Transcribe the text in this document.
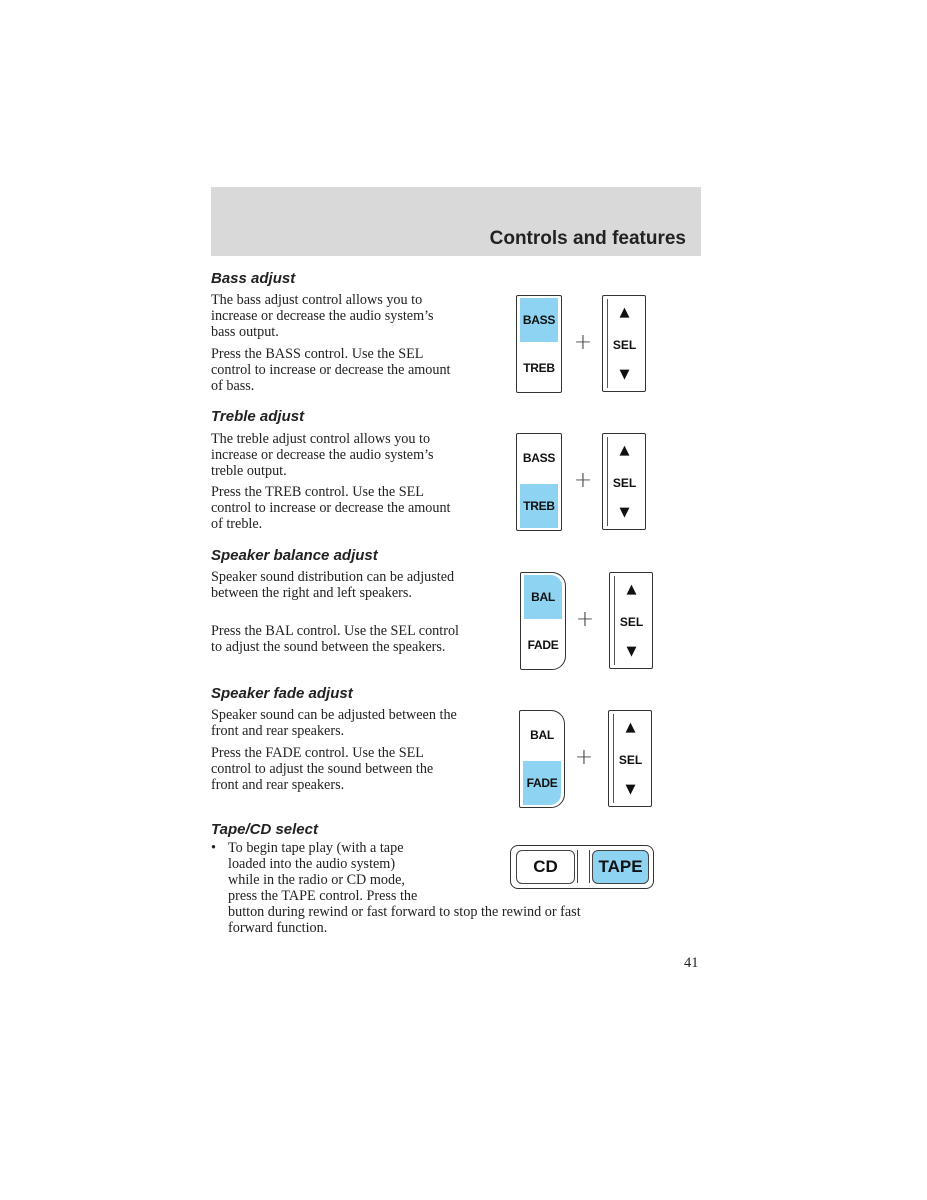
Controls and features
Bass adjust

The bass adjust control allows you to increase or decrease the audio system’s bass output.

Press the BASS control. Use the SEL control to increase or decrease the amount of bass.

BASS
TREB
+
▲
SEL
▼
Treble adjust

The treble adjust control allows you to increase or decrease the audio system’s treble output.

Press the TREB control. Use the SEL control to increase or decrease the amount of treble.

BASS
TREB
+
▲
SEL
▼
Speaker balance adjust

Speaker sound distribution can be adjusted between the right and left speakers.

Press the BAL control. Use the SEL control to adjust the sound between the speakers.

BAL
FADE
+
▲
SEL
▼
Speaker fade adjust

Speaker sound can be adjusted between the front and rear speakers.

Press the FADE control. Use the SEL control to adjust the sound between the front and rear speakers.

BAL
FADE
+
▲
SEL
▼
Tape/CD select
• To begin tape play (with a tape
loaded into the audio system)
while in the radio or CD mode,
press the TAPE control. Press the
button during rewind or fast forward to stop the rewind or fast
forward function.
CD	TAPE
41
